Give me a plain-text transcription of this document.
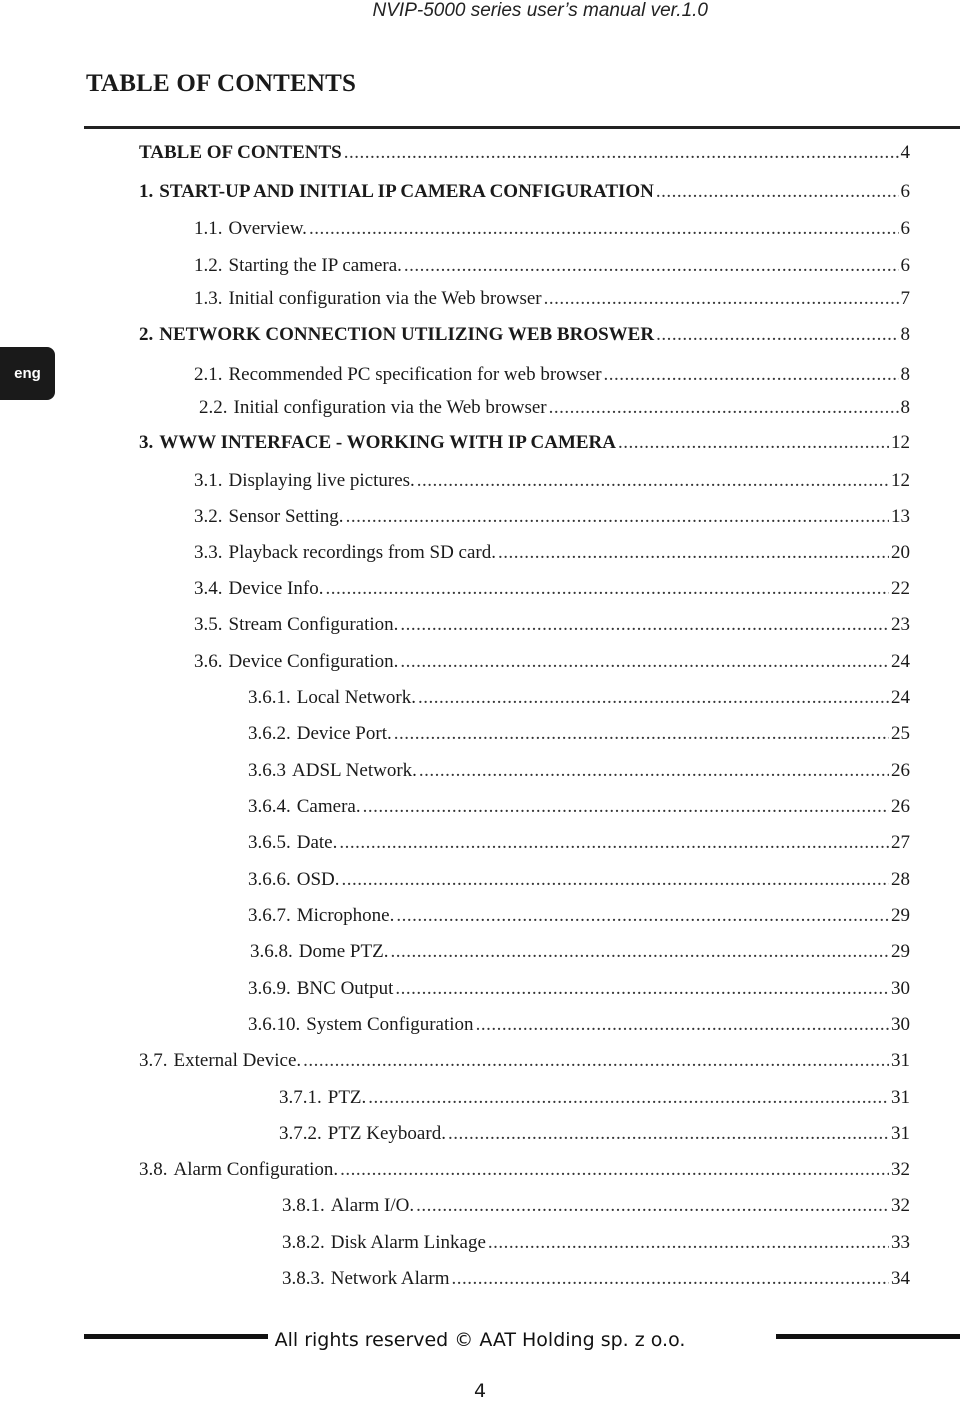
NVIP-5000 series user’s manual ver.1.0
TABLE OF CONTENTS
eng
TABLE OF CONTENTS .....	4
1. START-UP AND INITIAL IP CAMERA CONFIGURATION .....	6
1.1. Overview. .....	6
1.2. Starting the IP camera. .....	6
1.3. Initial configuration via the Web browser .....	7
2. NETWORK CONNECTION UTILIZING WEB BROSWER .....	8
2.1. Recommended PC specification for web browser .....	8
2.2. Initial configuration via the Web browser .....	8
3. WWW INTERFACE - WORKING WITH IP CAMERA .....	12
3.1. Displaying live pictures. .....	12
3.2. Sensor Setting. .....	13
3.3. Playback recordings from SD card. .....	20
3.4. Device Info. .....	22
3.5. Stream Configuration. .....	23
3.6. Device Configuration. .....	24
3.6.1. Local Network. .....	24
3.6.2. Device Port. .....	25
3.6.3 ADSL Network. .....	26
3.6.4. Camera. .....	26
3.6.5. Date. .....	27
3.6.6. OSD. .....	28
3.6.7. Microphone. .....	29
3.6.8. Dome PTZ. .....	29
3.6.9. BNC Output .....	30
3.6.10. System Configuration .....	30
3.7. External Device. .....	31
3.7.1. PTZ. .....	31
3.7.2. PTZ Keyboard. .....	31
3.8. Alarm Configuration. .....	32
3.8.1. Alarm I/O. .....	32
3.8.2. Disk Alarm Linkage .....	33
3.8.3. Network Alarm .....	34
All rights reserved © AAT Holding sp. z o.o.
4
